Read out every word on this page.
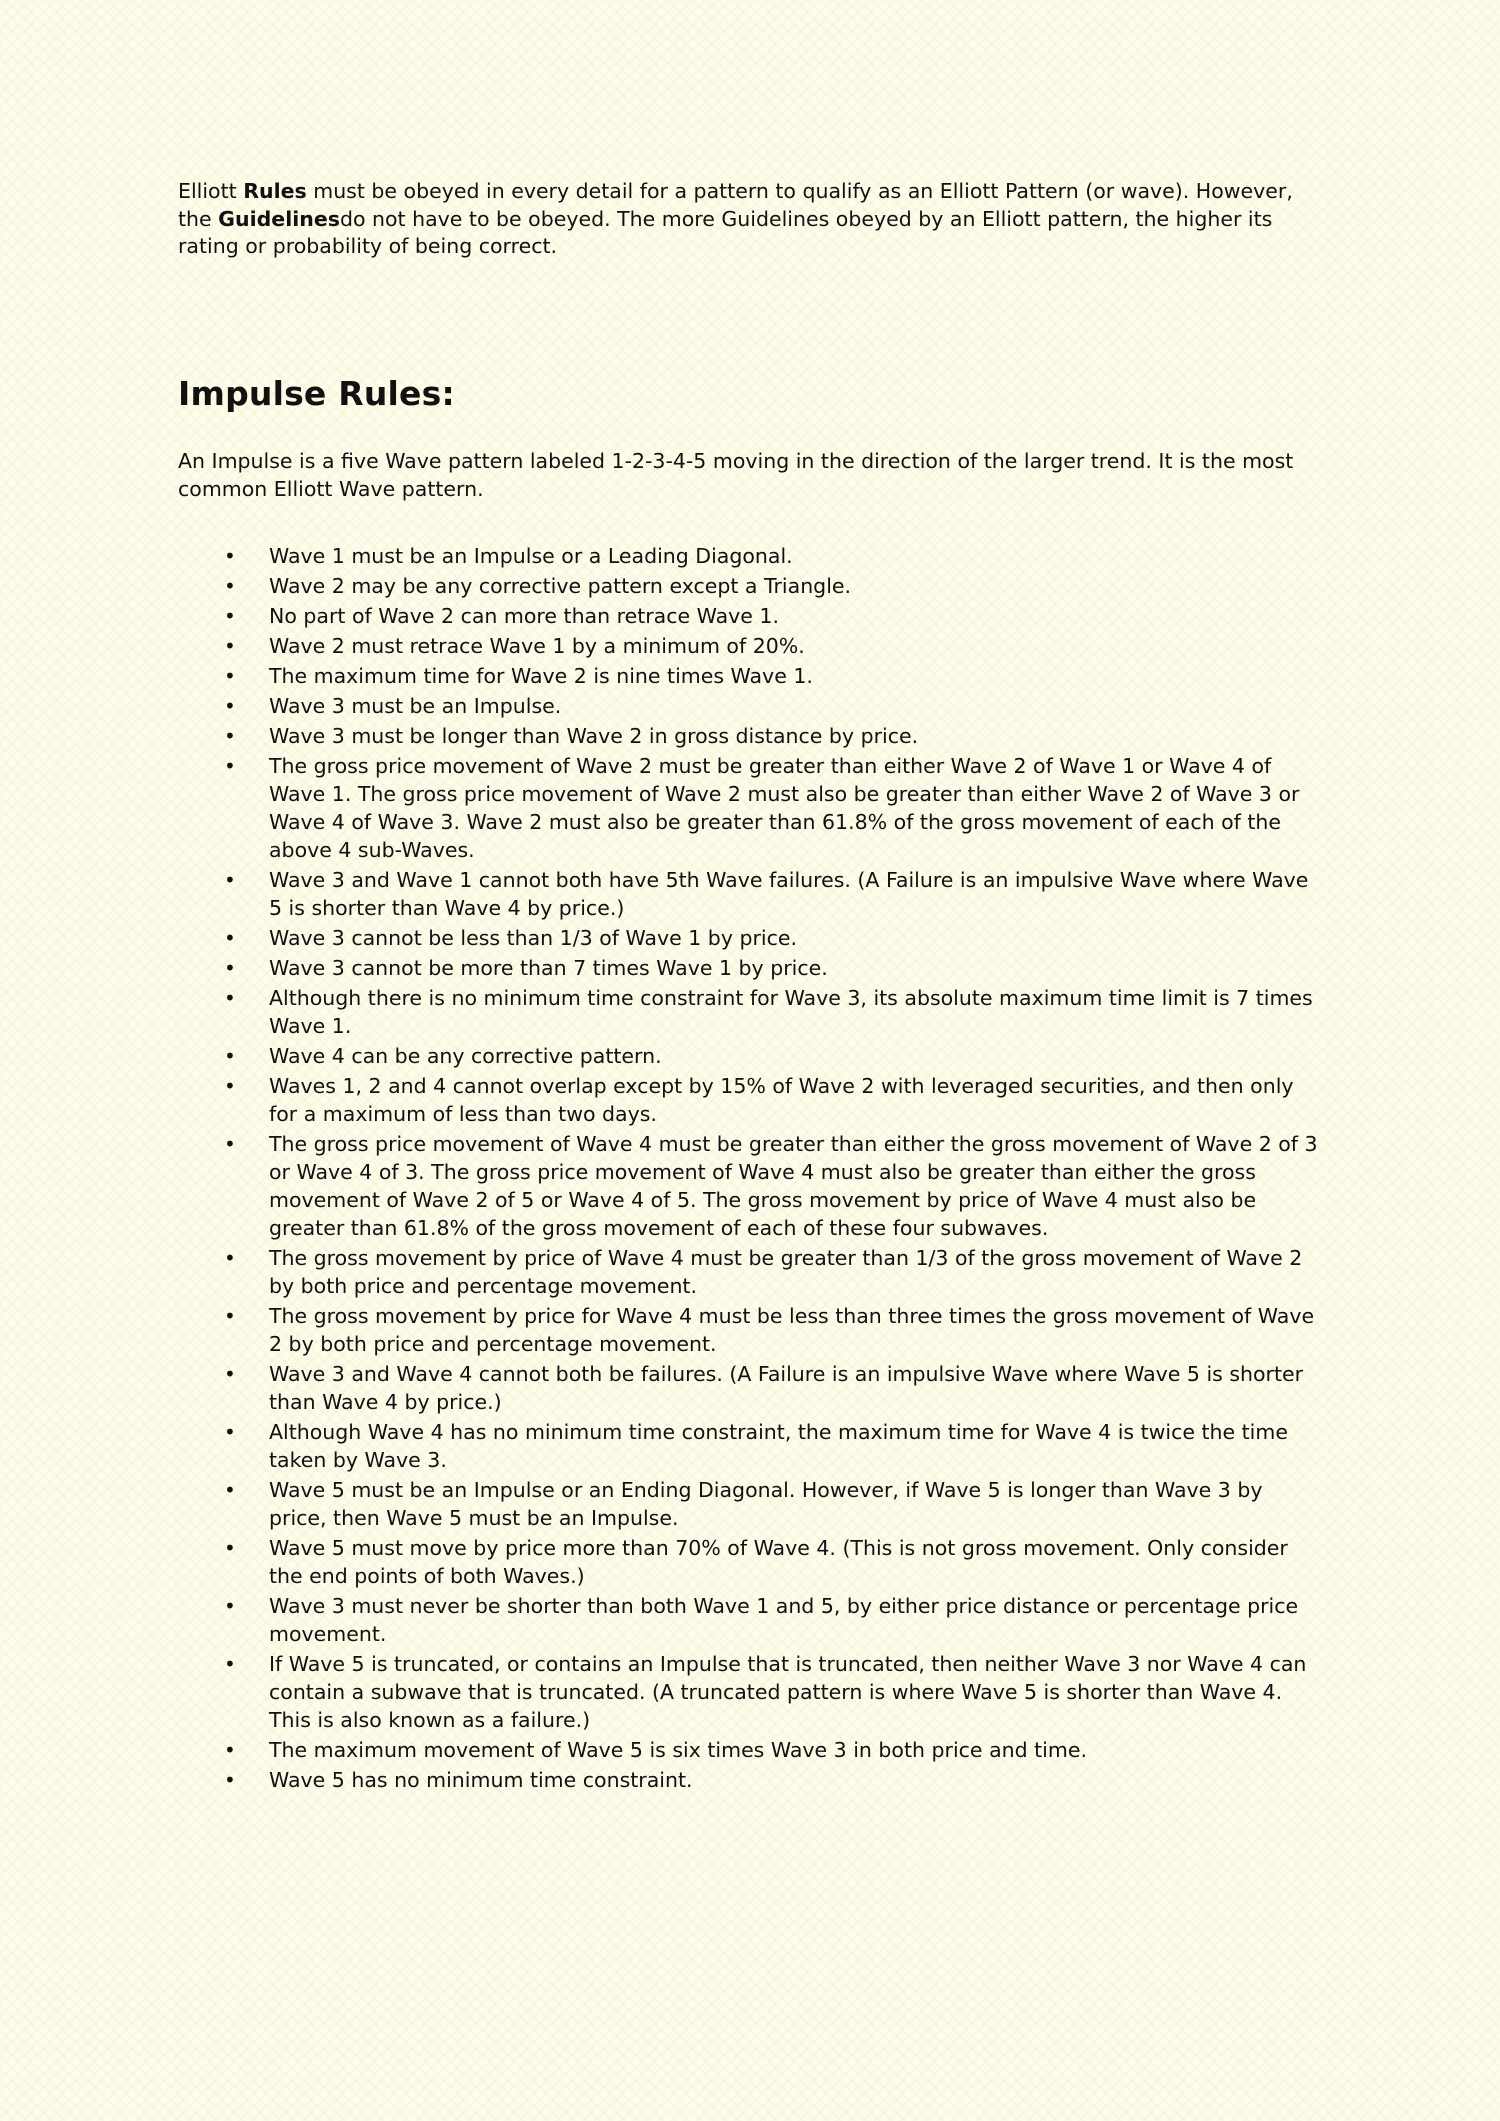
Elliott Rules must be obeyed in every detail for a pattern to qualify as an Elliott Pattern (or wave). However, the Guidelinesdo not have to be obeyed. The more Guidelines obeyed by an Elliott pattern, the higher its rating or probability of being correct.

Impulse Rules:

An Impulse is a five Wave pattern labeled 1-2-3-4-5 moving in the direction of the larger trend. It is the most common Elliott Wave pattern.

• Wave 1 must be an Impulse or a Leading Diagonal.
• Wave 2 may be any corrective pattern except a Triangle.
• No part of Wave 2 can more than retrace Wave 1.
• Wave 2 must retrace Wave 1 by a minimum of 20%.
• The maximum time for Wave 2 is nine times Wave 1.
• Wave 3 must be an Impulse.
• Wave 3 must be longer than Wave 2 in gross distance by price.
• The gross price movement of Wave 2 must be greater than either Wave 2 of Wave 1 or Wave 4 of Wave 1. The gross price movement of Wave 2 must also be greater than either Wave 2 of Wave 3 or Wave 4 of Wave 3. Wave 2 must also be greater than 61.8% of the gross movement of each of the above 4 sub-Waves.
• Wave 3 and Wave 1 cannot both have 5th Wave failures. (A Failure is an impulsive Wave where Wave 5 is shorter than Wave 4 by price.)
• Wave 3 cannot be less than 1/3 of Wave 1 by price.
• Wave 3 cannot be more than 7 times Wave 1 by price.
• Although there is no minimum time constraint for Wave 3, its absolute maximum time limit is 7 times Wave 1.
• Wave 4 can be any corrective pattern.
• Waves 1, 2 and 4 cannot overlap except by 15% of Wave 2 with leveraged securities, and then only for a maximum of less than two days.
• The gross price movement of Wave 4 must be greater than either the gross movement of Wave 2 of 3 or Wave 4 of 3. The gross price movement of Wave 4 must also be greater than either the gross movement of Wave 2 of 5 or Wave 4 of 5. The gross movement by price of Wave 4 must also be greater than 61.8% of the gross movement of each of these four subwaves.
• The gross movement by price of Wave 4 must be greater than 1/3 of the gross movement of Wave 2 by both price and percentage movement.
• The gross movement by price for Wave 4 must be less than three times the gross movement of Wave 2 by both price and percentage movement.
• Wave 3 and Wave 4 cannot both be failures. (A Failure is an impulsive Wave where Wave 5 is shorter than Wave 4 by price.)
• Although Wave 4 has no minimum time constraint, the maximum time for Wave 4 is twice the time taken by Wave 3.
• Wave 5 must be an Impulse or an Ending Diagonal. However, if Wave 5 is longer than Wave 3 by price, then Wave 5 must be an Impulse.
• Wave 5 must move by price more than 70% of Wave 4. (This is not gross movement. Only consider the end points of both Waves.)
• Wave 3 must never be shorter than both Wave 1 and 5, by either price distance or percentage price movement.
• If Wave 5 is truncated, or contains an Impulse that is truncated, then neither Wave 3 nor Wave 4 can contain a subwave that is truncated. (A truncated pattern is where Wave 5 is shorter than Wave 4. This is also known as a failure.)
• The maximum movement of Wave 5 is six times Wave 3 in both price and time.
• Wave 5 has no minimum time constraint.
